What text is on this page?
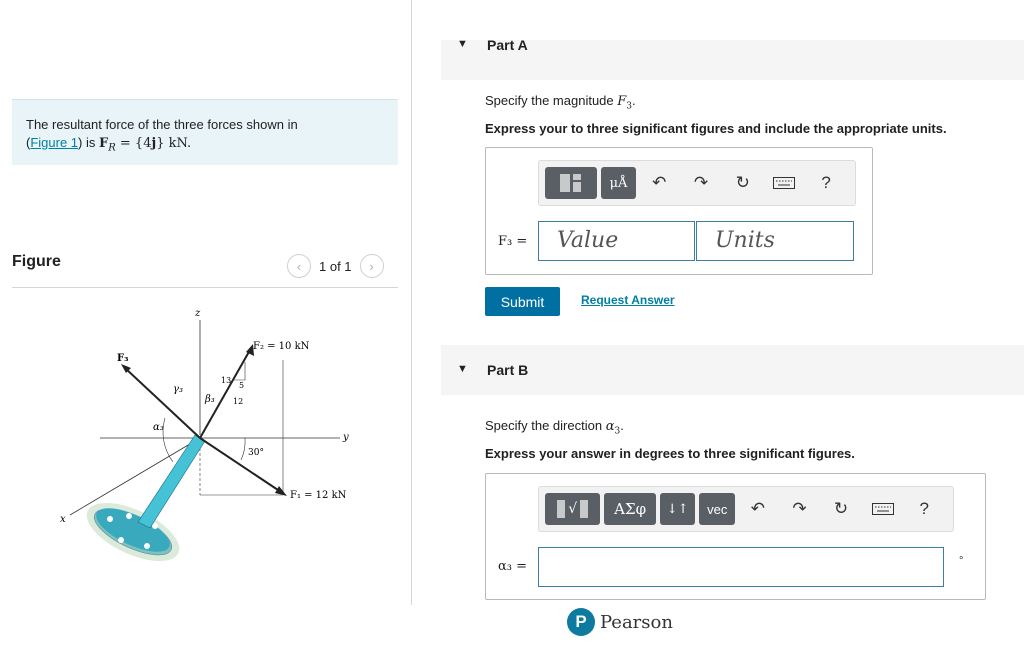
The resultant force of the three forces shown in
(Figure 1) is $F_R = \{4j\}$ kN.
Figure	‹	1 of 1	›
z
y
x
F₂ = 10 kN
F₁ = 12 kN
F₃
γ₃
α₃
β₃
13
5
12
30°
▼ Part A
Specify the magnitude $F_3$.
Express your to three significant figures and include the appropriate units.
μÅ	↶	↷	↻	?
F₃ =	Value	Units
Submit	Request Answer
▼ Part B
Specify the direction $\alpha_3$.
Express your answer in degrees to three significant figures.
√ ΑΣφ ↓↑ vec	↶	↷	↻	?
α₃ =	°
P Pearson
